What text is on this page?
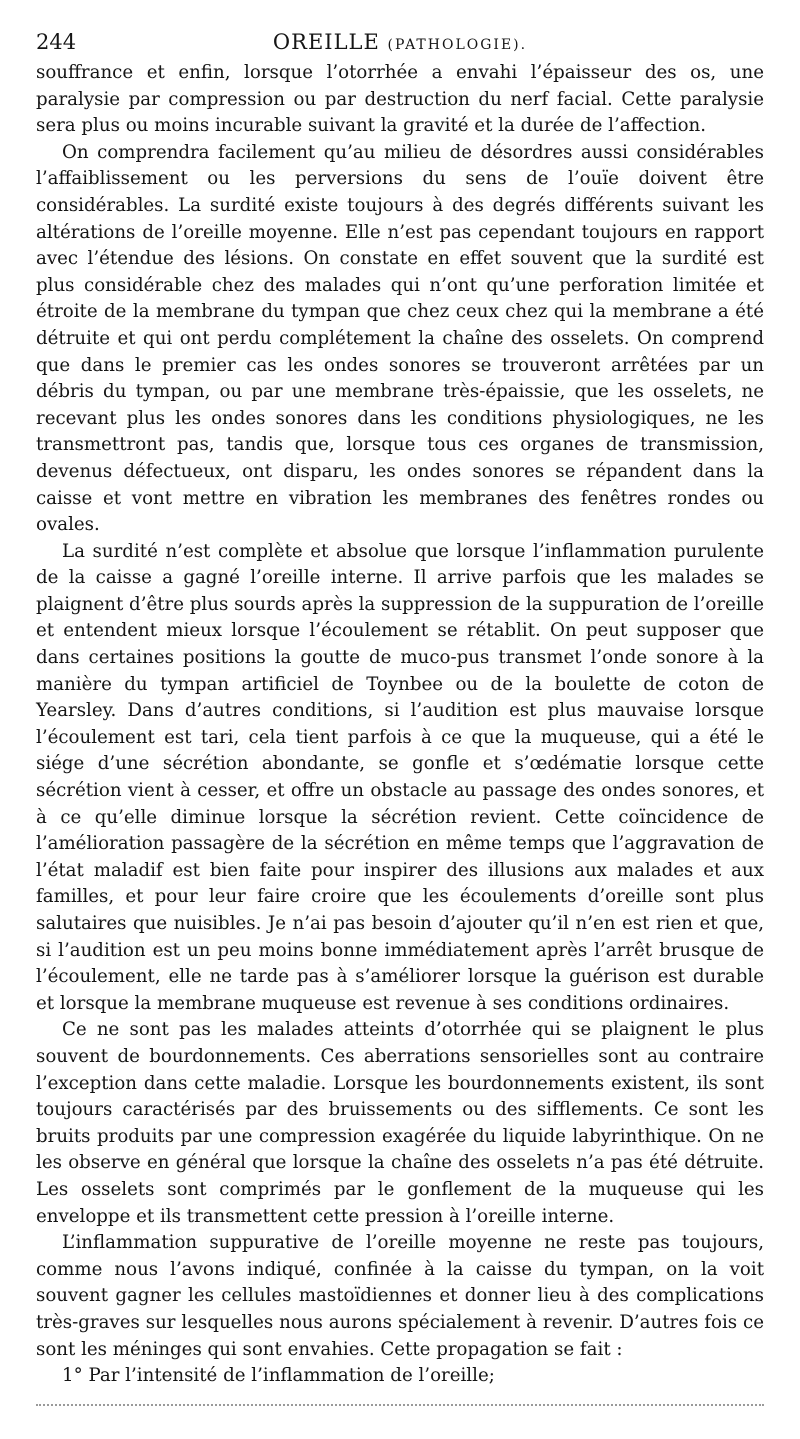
244	OREILLE (PATHOLOGIE).

souffrance et enfin, lorsque l’otorrhée a envahi l’épaisseur des os, une paralysie par compression ou par destruction du nerf facial. Cette paralysie sera plus ou moins incurable suivant la gravité et la durée de l’affection.

On comprendra facilement qu’au milieu de désordres aussi considérables l’affaiblissement ou les perversions du sens de l’ouïe doivent être considérables. La surdité existe toujours à des degrés différents suivant les altérations de l’oreille moyenne. Elle n’est pas cependant toujours en rapport avec l’étendue des lésions. On constate en effet souvent que la surdité est plus considérable chez des malades qui n’ont qu’une perforation limitée et étroite de la membrane du tympan que chez ceux chez qui la membrane a été détruite et qui ont perdu complétement la chaîne des osselets. On comprend que dans le premier cas les ondes sonores se trouveront arrêtées par un débris du tympan, ou par une membrane très-épaissie, que les osselets, ne recevant plus les ondes sonores dans les conditions physiologiques, ne les transmettront pas, tandis que, lorsque tous ces organes de transmission, devenus défectueux, ont disparu, les ondes sonores se répandent dans la caisse et vont mettre en vibration les membranes des fenêtres rondes ou ovales.

La surdité n’est complète et absolue que lorsque l’inflammation purulente de la caisse a gagné l’oreille interne. Il arrive parfois que les malades se plaignent d’être plus sourds après la suppression de la suppuration de l’oreille et entendent mieux lorsque l’écoulement se rétablit. On peut supposer que dans certaines positions la goutte de muco-pus transmet l’onde sonore à la manière du tympan artificiel de Toynbee ou de la boulette de coton de Yearsley. Dans d’autres conditions, si l’audition est plus mauvaise lorsque l’écoulement est tari, cela tient parfois à ce que la muqueuse, qui a été le siége d’une sécrétion abondante, se gonfle et s’œdématie lorsque cette sécrétion vient à cesser, et offre un obstacle au passage des ondes sonores, et à ce qu’elle diminue lorsque la sécrétion revient. Cette coïncidence de l’amélioration passagère de la sécrétion en même temps que l’aggravation de l’état maladif est bien faite pour inspirer des illusions aux malades et aux familles, et pour leur faire croire que les écoulements d’oreille sont plus salutaires que nuisibles. Je n’ai pas besoin d’ajouter qu’il n’en est rien et que, si l’audition est un peu moins bonne immédiatement après l’arrêt brusque de l’écoulement, elle ne tarde pas à s’améliorer lorsque la guérison est durable et lorsque la membrane muqueuse est revenue à ses conditions ordinaires.

Ce ne sont pas les malades atteints d’otorrhée qui se plaignent le plus souvent de bourdonnements. Ces aberrations sensorielles sont au contraire l’exception dans cette maladie. Lorsque les bourdonnements existent, ils sont toujours caractérisés par des bruissements ou des sifflements. Ce sont les bruits produits par une compression exagérée du liquide labyrinthique. On ne les observe en général que lorsque la chaîne des osselets n’a pas été détruite. Les osselets sont comprimés par le gonflement de la muqueuse qui les enveloppe et ils transmettent cette pression à l’oreille interne.

L’inflammation suppurative de l’oreille moyenne ne reste pas toujours, comme nous l’avons indiqué, confinée à la caisse du tympan, on la voit souvent gagner les cellules mastoïdiennes et donner lieu à des complications très-graves sur lesquelles nous aurons spécialement à revenir. D’autres fois ce sont les méninges qui sont envahies. Cette propagation se fait :

1° Par l’intensité de l’inflammation de l’oreille;
